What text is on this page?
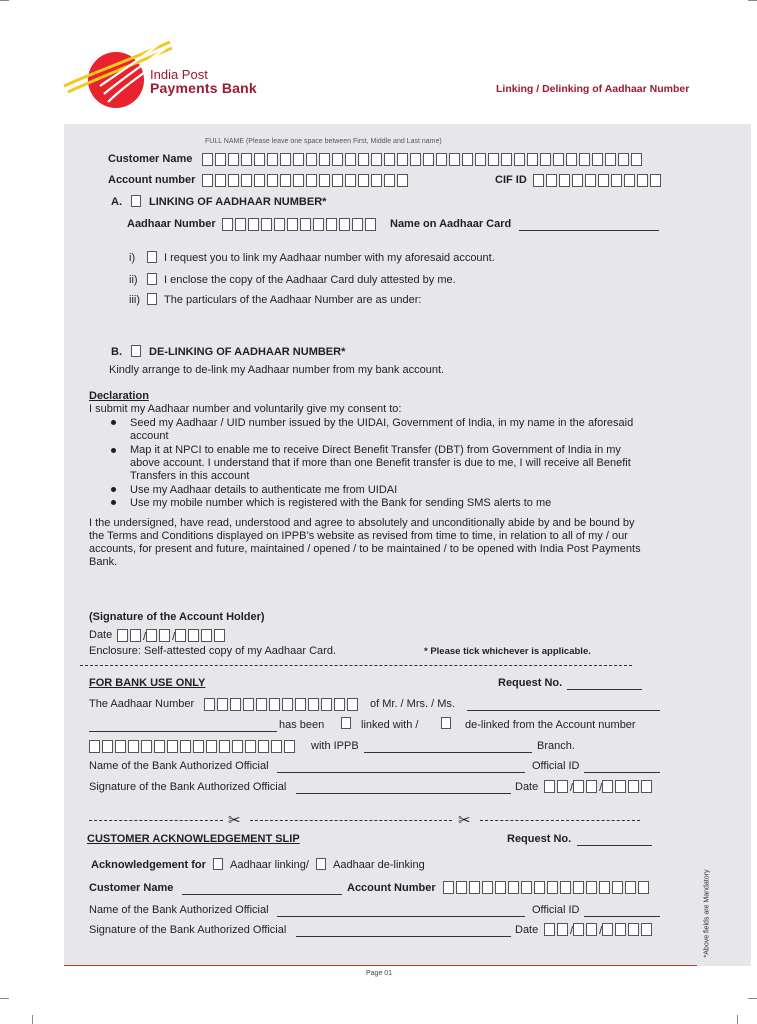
India Post
Payments Bank	Linking / Delinking of Aadhaar Number
FULL NAME (Please leave one space between First, Middle and Last name)
Customer Name
Account number	CIF ID
A. LINKING OF AADHAAR NUMBER*
Aadhaar Number	Name on Aadhaar Card
i)	I request you to link my Aadhaar number with my aforesaid account.
ii) I enclose the copy of the Aadhaar Card duly attested by me.
iii) The particulars of the Aadhaar Number are as under:
B. DE-LINKING OF AADHAAR NUMBER*
Kindly arrange to de-link my Aadhaar number from my bank account.
Declaration
I submit my Aadhaar number and voluntarily give my consent to:
Seed my Aadhaar / UID number issued by the UIDAI, Government of India, in my name in the aforesaid
account
Map it at NPCI to enable me to receive Direct Benefit Transfer (DBT) from Government of India in my
above account. I understand that if more than one Benefit transfer is due to me, I will receive all Benefit
Transfers in this account
Use my Aadhaar details to authenticate me from UIDAI
Use my mobile number which is registered with the Bank for sending SMS alerts to me
I the undersigned, have read, understood and agree to absolutely and unconditionally abide by and be bound by
the Terms and Conditions displayed on IPPB’s website as revised from time to time, in relation to all of my / our
accounts, for present and future, maintained / opened / to be maintained / to be opened with India Post Payments
Bank.
(Signature of the Account Holder)
Date	/ /
Enclosure: Self-attested copy of my Aadhaar Card.	* Please tick whichever is applicable.
FOR BANK USE ONLY	Request No.
The Aadhaar Number	of Mr. / Mrs. / Ms.
has been	linked with /	de-linked from the Account number
with IPPB	Branch.
Name of the Bank Authorized Official	Official ID
Signature of the Bank Authorized Official	Date	/ /
✂	✂
CUSTOMER ACKNOWLEDGEMENT SLIP	Request No.
Acknowledgement for Aadhaar linking/ Aadhaar de-linking
Customer Name	Account Number
Name of the Bank Authorized Official	Official ID
Signature of the Bank Authorized Official	Date	/ /	*Above fields are Mandatory
Page 01
